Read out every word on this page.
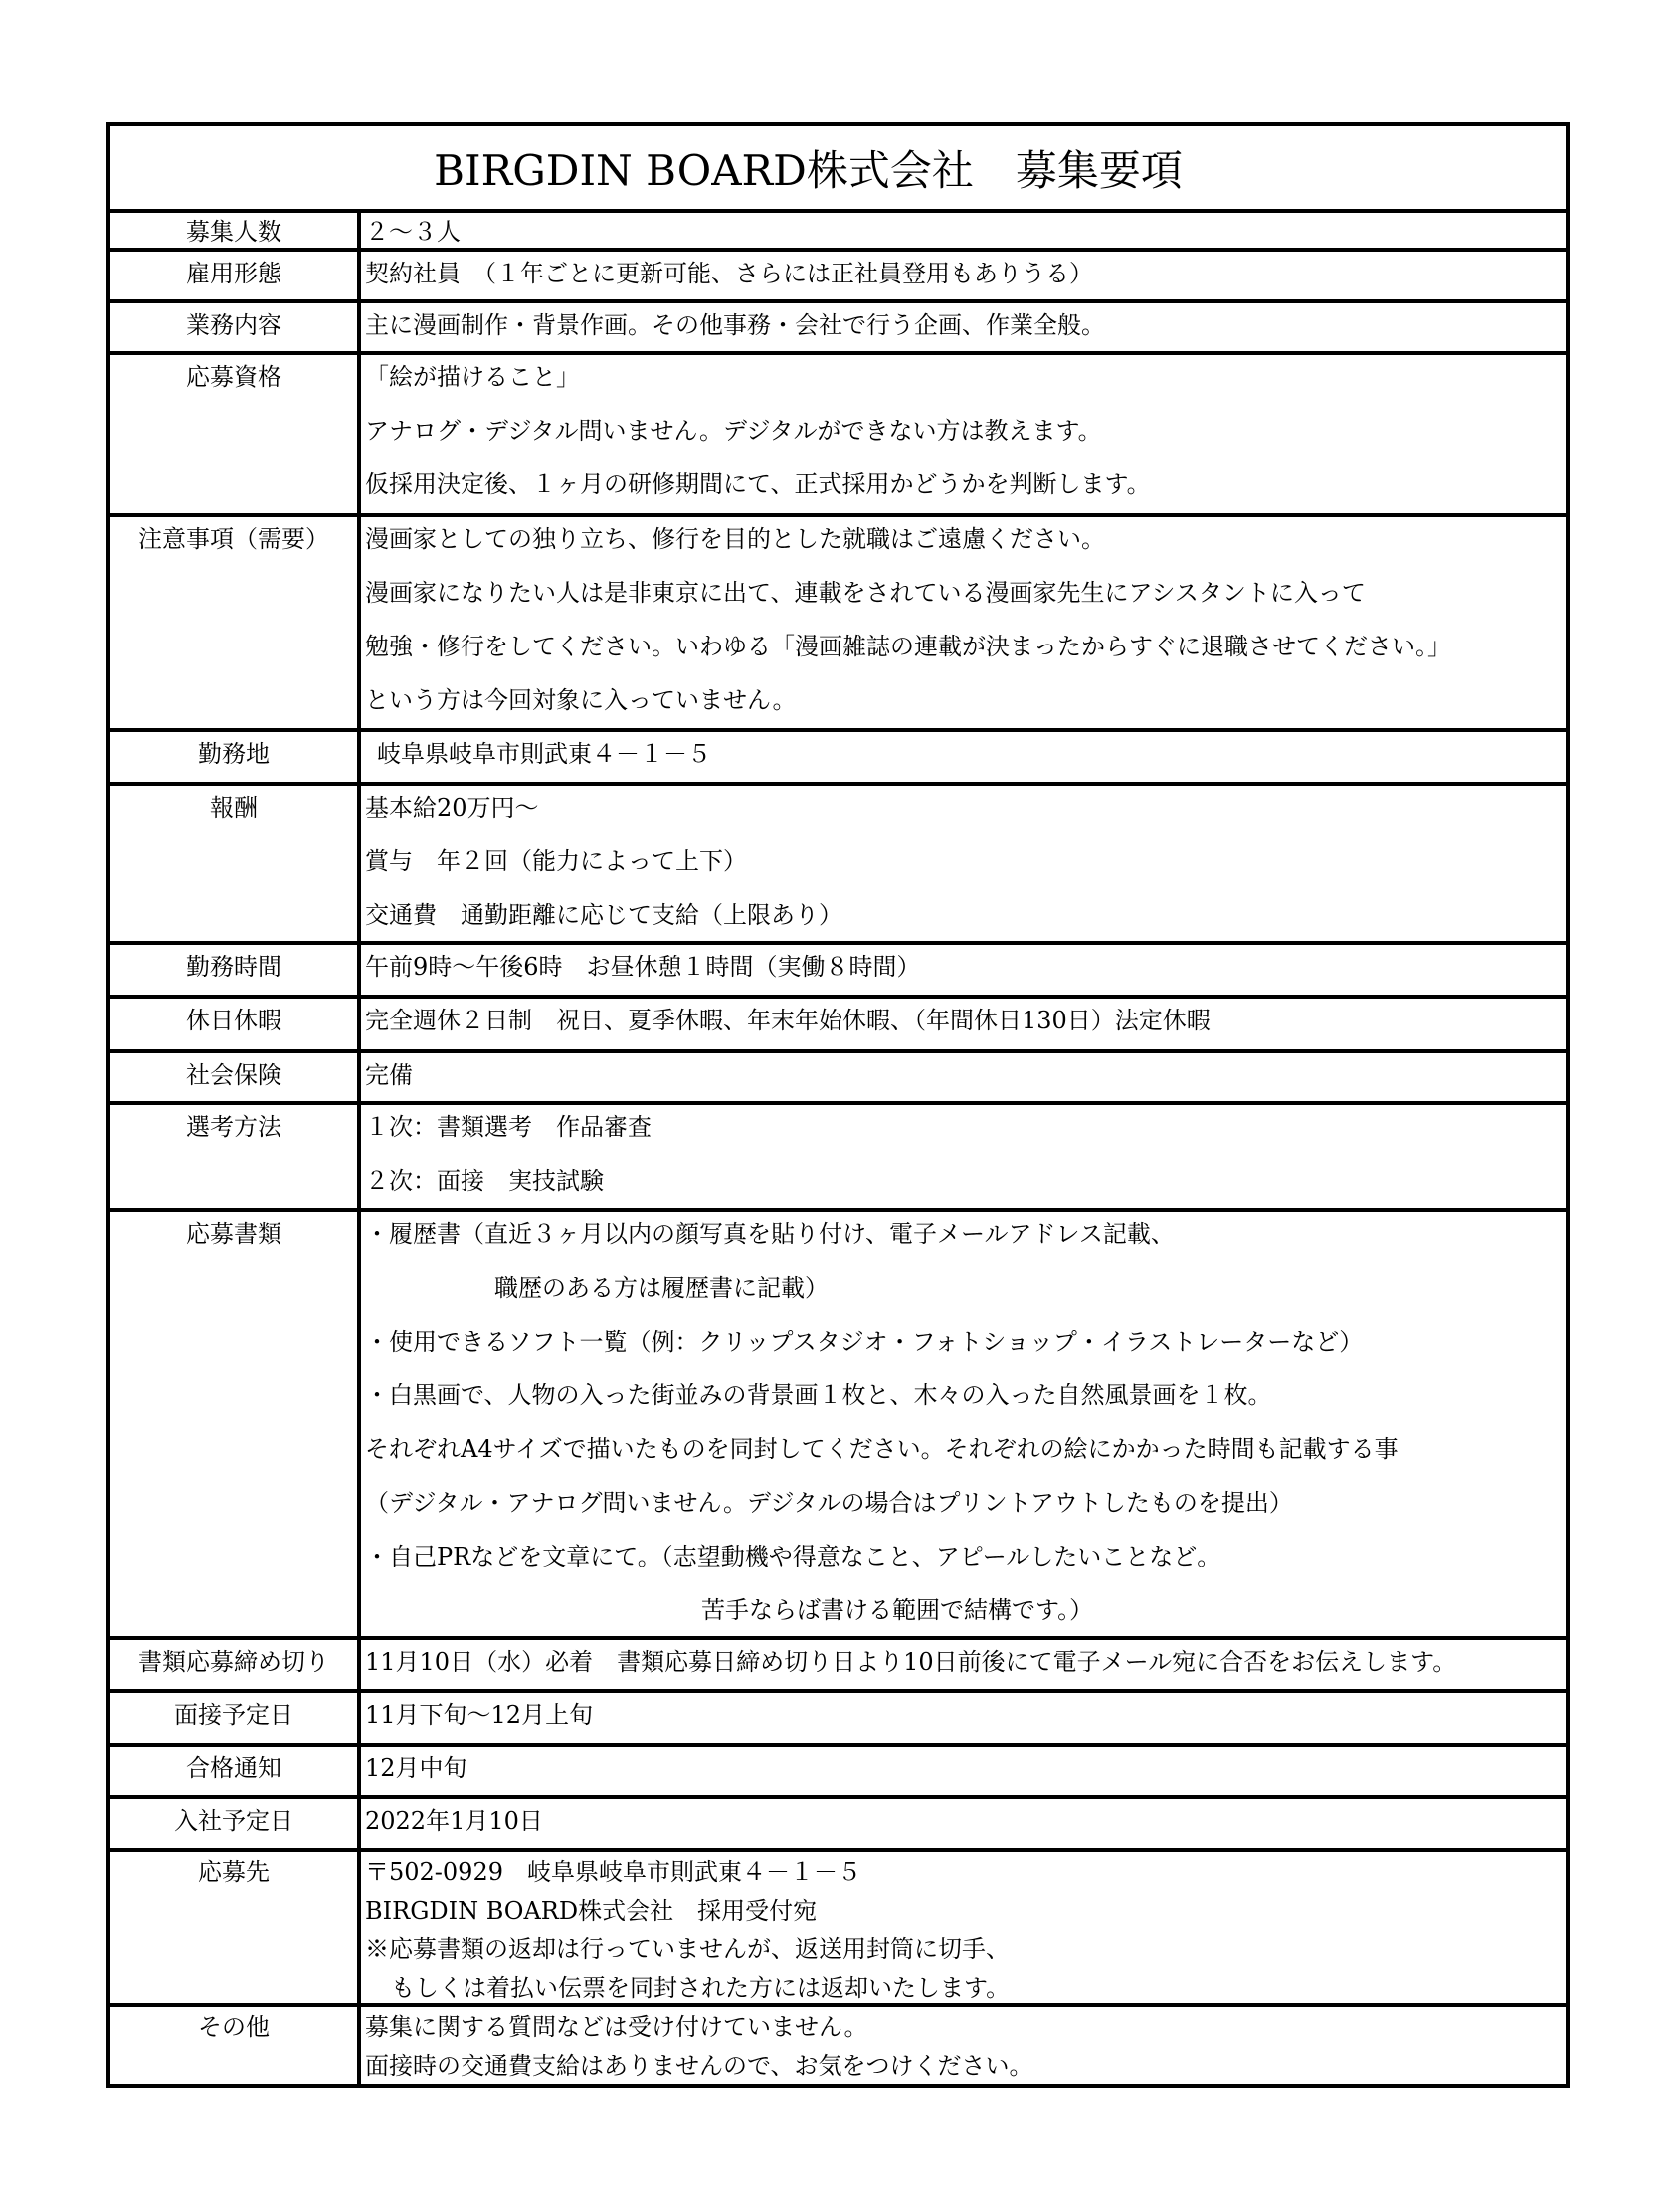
BIRGDIN BOARD株式会社　募集要項
募集人数	２～３人
雇用形態	契約社員　（１年ごとに更新可能、さらには正社員登用もありうる）
業務内容	主に漫画制作・背景作画。その他事務・会社で行う企画、作業全般。
応募資格	「絵が描けること」
アナログ・デジタル問いません。デジタルができない方は教えます。
仮採用決定後、１ヶ月の研修期間にて、正式採用かどうかを判断します。
注意事項（需要）	漫画家としての独り立ち、修行を目的とした就職はご遠慮ください。
漫画家になりたい人は是非東京に出て、連載をされている漫画家先生にアシスタントに入って
勉強・修行をしてください。いわゆる「漫画雑誌の連載が決まったからすぐに退職させてください。」
という方は今回対象に入っていません。
勤務地	岐阜県岐阜市則武東４－１－５
報酬	基本給20万円～
賞与　年２回（能力によって上下）
交通費　通勤距離に応じて支給（上限あり）
勤務時間	午前9時～午後6時　お昼休憩１時間（実働８時間）
休日休暇	完全週休２日制　祝日、夏季休暇、年末年始休暇、（年間休日130日）法定休暇
社会保険	完備
選考方法	１次：書類選考　作品審査
２次：面接　実技試験
応募書類	・履歴書（直近３ヶ月以内の顔写真を貼り付け、電子メールアドレス記載、
職歴のある方は履歴書に記載）
・使用できるソフト一覧（例：クリップスタジオ・フォトショップ・イラストレーターなど）
・白黒画で、人物の入った街並みの背景画１枚と、木々の入った自然風景画を１枚。
それぞれA4サイズで描いたものを同封してください。それぞれの絵にかかった時間も記載する事
（デジタル・アナログ問いません。デジタルの場合はプリントアウトしたものを提出）
・自己PRなどを文章にて。（志望動機や得意なこと、アピールしたいことなど。
苦手ならば書ける範囲で結構です。）
書類応募締め切り	11月10日（水）必着　書類応募日締め切り日より10日前後にて電子メール宛に合否をお伝えします。
面接予定日	11月下旬～12月上旬
合格通知	12月中旬
入社予定日	2022年1月10日
応募先	〒502-0929　岐阜県岐阜市則武東４－１－５
BIRGDIN BOARD株式会社　採用受付宛
※応募書類の返却は行っていませんが、返送用封筒に切手、
もしくは着払い伝票を同封された方には返却いたします。
その他	募集に関する質問などは受け付けていません。
面接時の交通費支給はありませんので、お気をつけください。
